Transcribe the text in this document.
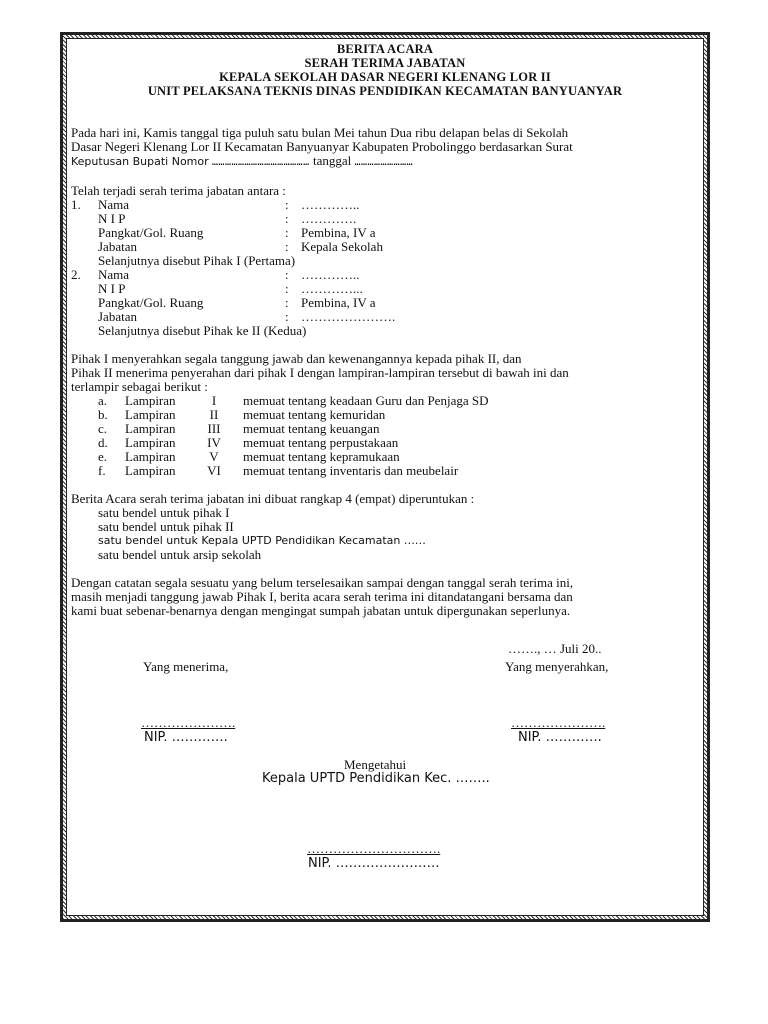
BERITA ACARA
SERAH TERIMA JABATAN
KEPALA SEKOLAH DASAR NEGERI KLENANG LOR II
UNIT PELAKSANA TEKNIS DINAS PENDIDIKAN KECAMATAN BANYUANYAR

Pada hari ini, Kamis tanggal tiga puluh satu bulan Mei tahun Dua ribu delapan belas di Sekolah

Dasar Negeri Klenang Lor II Kecamatan Banyuanyar Kabupaten Probolinggo berdasarkan Surat

Keputusan Bupati Nomor ……………………………………… tanggal ………………………

Telah terjadi serah terima jabatan antara :

1.	Nama	: …………..
N I P	: ………….
Pangkat/Gol. Ruang	: Pembina, IV a
Jabatan	: Kepala Sekolah
Selanjutnya disebut Pihak I (Pertama)
2.	Nama	: …………..
N I P	: …………...
Pangkat/Gol. Ruang	: Pembina, IV a
Jabatan	: ………………….
Selanjutnya disebut Pihak ke II (Kedua)

Pihak I menyerahkan segala tanggung jawab dan kewenangannya kepada pihak II, dan

Pihak II menerima penyerahan dari pihak I dengan lampiran-lampiran tersebut di bawah ini dan

terlampir sebagai berikut :

a.	Lampiran	I	memuat tentang keadaan Guru dan Penjaga SD
b.	Lampiran	II	memuat tentang kemuridan
c.	Lampiran	III	memuat tentang keuangan
d.	Lampiran	IV	memuat tentang perpustakaan
e.	Lampiran	V	memuat tentang kepramukaan
f.	Lampiran	VI	memuat tentang inventaris dan meubelair

Berita Acara serah terima jabatan ini dibuat rangkap 4 (empat) diperuntukan :

satu bendel untuk pihak I
satu bendel untuk pihak II
satu bendel untuk Kepala UPTD Pendidikan Kecamatan ……
satu bendel untuk arsip sekolah

Dengan catatan segala sesuatu yang belum terselesaikan sampai dengan tanggal serah terima ini,

masih menjadi tanggung jawab Pihak I, berita acara serah terima ini ditandatangani bersama dan

kami buat sebenar-benarnya dengan mengingat sumpah jabatan untuk dipergunakan seperlunya.

……., … Juli 20..
Yang menerima,	Yang menyerahkan,
………………….
NIP. ………….
………………….
NIP. ………….
Mengetahui
Kepala UPTD Pendidikan Kec. ……..
………………………….
NIP. ……………………
